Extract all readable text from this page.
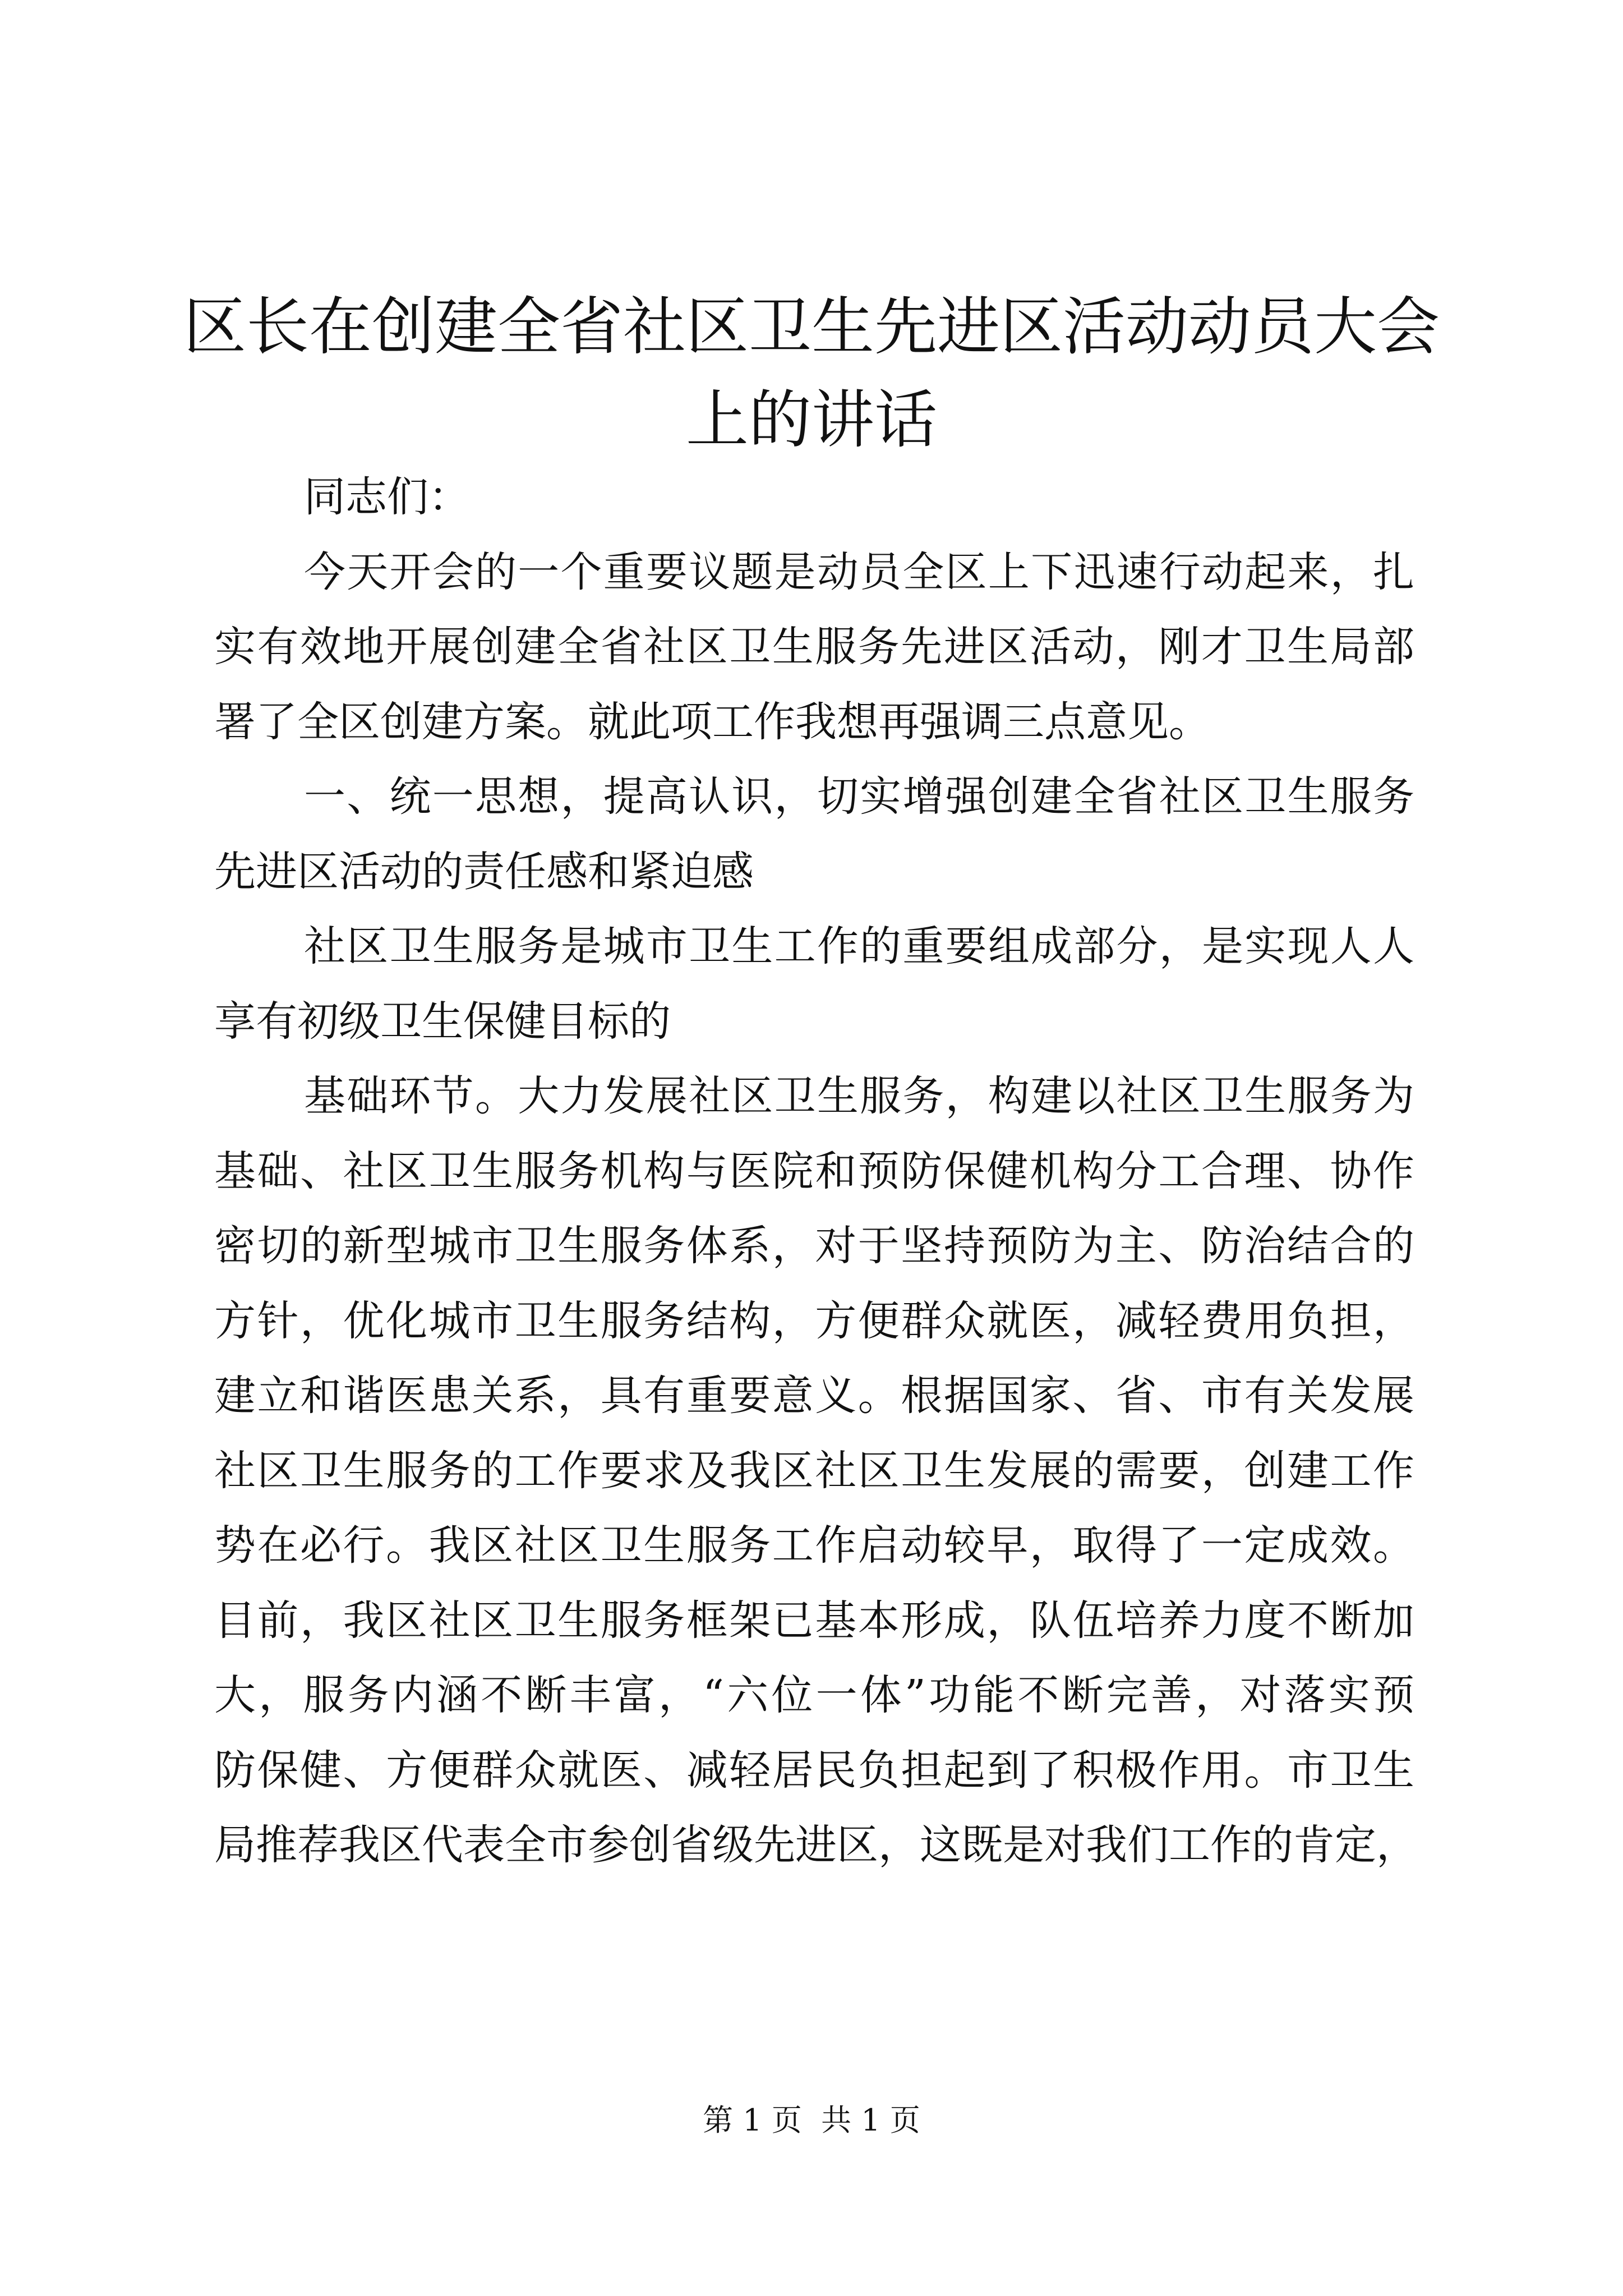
区长在创建全省社区卫生先进区活动动员大会
上的讲话
同志们：
今天开会的一个重要议题是动员全区上下迅速行动起来，扎
实有效地开展创建全省社区卫生服务先进区活动，刚才卫生局部
署了全区创建方案。就此项工作我想再强调三点意见。
一、统一思想，提高认识，切实增强创建全省社区卫生服务
先进区活动的责任感和紧迫感
社区卫生服务是城市卫生工作的重要组成部分，是实现人人
享有初级卫生保健目标的
基础环节。大力发展社区卫生服务，构建以社区卫生服务为
基础、社区卫生服务机构与医院和预防保健机构分工合理、协作
密切的新型城市卫生服务体系，对于坚持预防为主、防治结合的
方针，优化城市卫生服务结构，方便群众就医，减轻费用负担，
建立和谐医患关系，具有重要意义。根据国家、省、市有关发展
社区卫生服务的工作要求及我区社区卫生发展的需要，创建工作
势在必行。我区社区卫生服务工作启动较早，取得了一定成效。
目前，我区社区卫生服务框架已基本形成，队伍培养力度不断加
大，服务内涵不断丰富，“六位一体”功能不断完善，对落实预
防保健、方便群众就医、减轻居民负担起到了积极作用。市卫生
局推荐我区代表全市参创省级先进区，这既是对我们工作的肯定，
第 1 页  共 1 页
